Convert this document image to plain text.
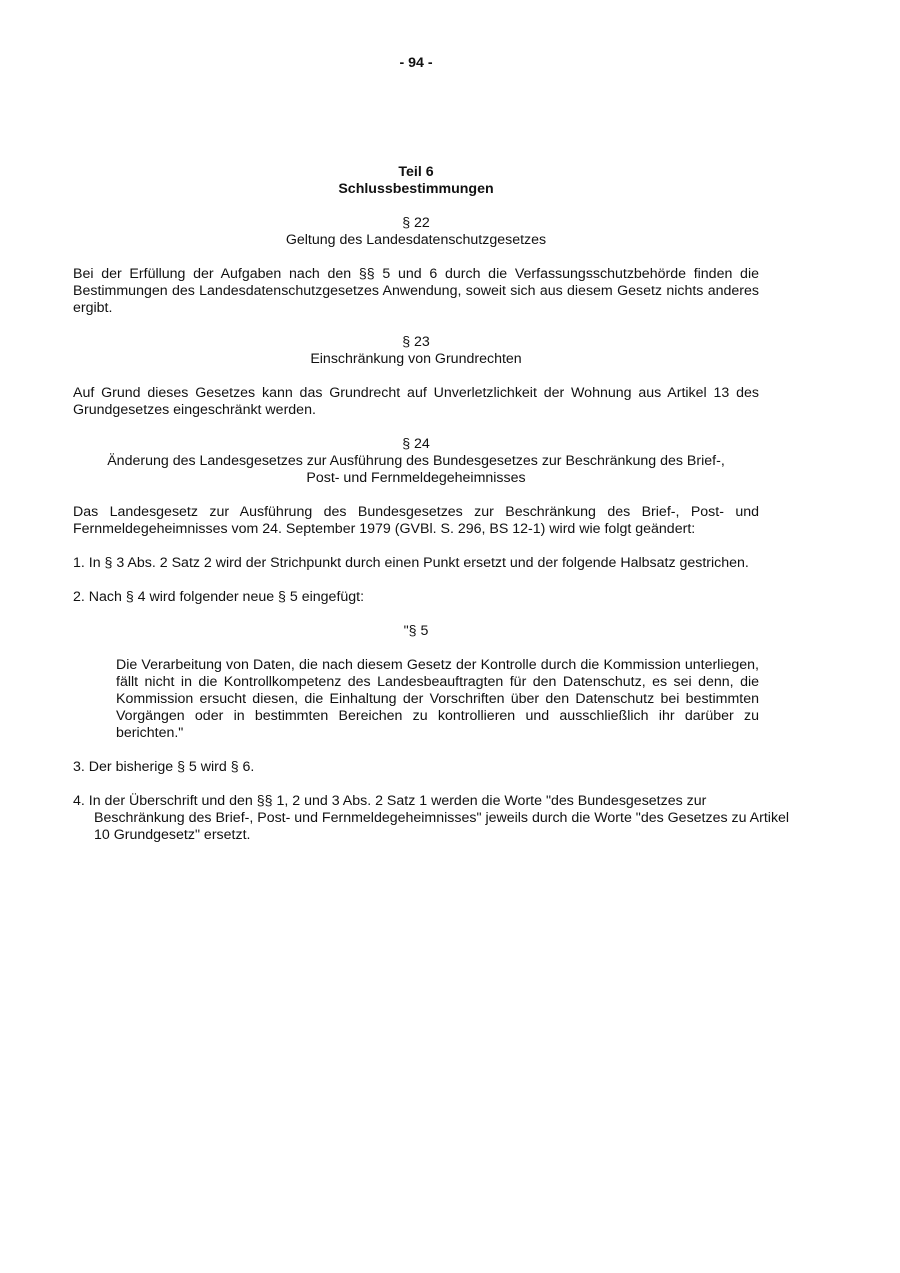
- 94 -
Teil 6
Schlussbestimmungen
§ 22
Geltung des Landesdatenschutzgesetzes
Bei der Erfüllung der Aufgaben nach den §§ 5 und 6 durch die Verfassungsschutzbehörde finden die Bestimmungen des Landesdatenschutzgesetzes Anwendung, soweit sich aus diesem Gesetz nichts anderes ergibt.
§ 23
Einschränkung von Grundrechten
Auf Grund dieses Gesetzes kann das Grundrecht auf Unverletzlichkeit der Wohnung aus Artikel 13 des Grundgesetzes eingeschränkt werden.
§ 24
Änderung des Landesgesetzes zur Ausführung des Bundesgesetzes zur Beschränkung des Brief-,
Post- und Fernmeldegeheimnisses
Das Landesgesetz zur Ausführung des Bundesgesetzes zur Beschränkung des Brief-, Post- und Fernmeldegeheimnisses vom 24. September 1979 (GVBl. S. 296, BS 12-1) wird wie folgt geändert:
1. In § 3 Abs. 2 Satz 2 wird der Strichpunkt durch einen Punkt ersetzt und der folgende Halbsatz gestrichen.
2. Nach § 4 wird folgender neue § 5 eingefügt:
"§ 5
Die Verarbeitung von Daten, die nach diesem Gesetz der Kontrolle durch die Kommission unterliegen, fällt nicht in die Kontrollkompetenz des Landesbeauftragten für den Datenschutz, es sei denn, die Kommission ersucht diesen, die Einhaltung der Vorschriften über den Datenschutz bei bestimmten Vorgängen oder in bestimmten Bereichen zu kontrollieren und ausschließlich ihr darüber zu berichten."
3. Der bisherige § 5 wird § 6.
4. In der Überschrift und den §§ 1, 2 und 3 Abs. 2 Satz 1 werden die Worte "des Bundesgesetzes zur Beschränkung des Brief-, Post- und Fernmeldegeheimnisses" jeweils durch die Worte "des Gesetzes zu Artikel 10 Grundgesetz" ersetzt.
